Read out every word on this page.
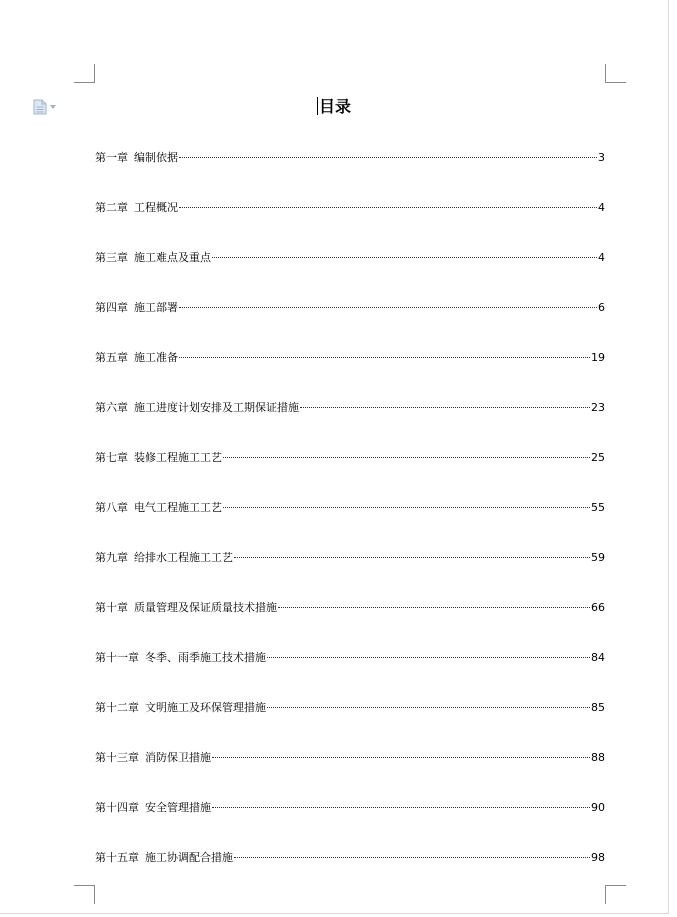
目录
第一章 编制依据	3
第二章 工程概况	4
第三章 施工难点及重点	4
第四章 施工部署	6
第五章 施工准备	19
第六章 施工进度计划安排及工期保证措施	23
第七章 装修工程施工工艺	25
第八章 电气工程施工工艺	55
第九章 给排水工程施工工艺	59
第十章 质量管理及保证质量技术措施	66
第十一章 冬季、雨季施工技术措施	84
第十二章 文明施工及环保管理措施	85
第十三章 消防保卫措施	88
第十四章 安全管理措施	90
第十五章 施工协调配合措施	98
